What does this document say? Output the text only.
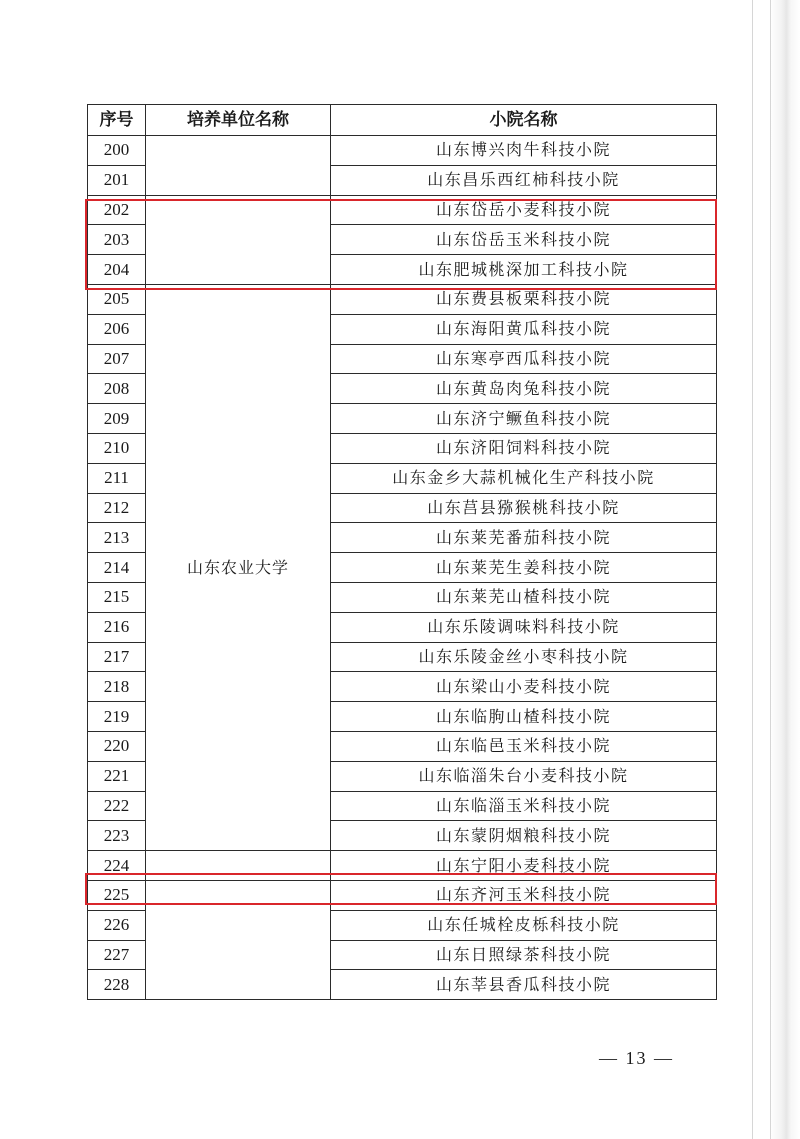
序号	培养单位名称	小院名称
200		山东博兴肉牛科技小院
201		山东昌乐西红柿科技小院
202		山东岱岳小麦科技小院
203		山东岱岳玉米科技小院
204		山东肥城桃深加工科技小院
205	山东农业大学	山东费县板栗科技小院
206		山东海阳黄瓜科技小院
207		山东寒亭西瓜科技小院
208		山东黄岛肉兔科技小院
209		山东济宁鳜鱼科技小院
210		山东济阳饲料科技小院
211		山东金乡大蒜机械化生产科技小院
212		山东莒县猕猴桃科技小院
213		山东莱芜番茄科技小院
214		山东莱芜生姜科技小院
215		山东莱芜山楂科技小院
216		山东乐陵调味料科技小院
217		山东乐陵金丝小枣科技小院
218		山东梁山小麦科技小院
219		山东临朐山楂科技小院
220		山东临邑玉米科技小院
221		山东临淄朱台小麦科技小院
222		山东临淄玉米科技小院
223		山东蒙阴烟粮科技小院
224		山东宁阳小麦科技小院
225		山东齐河玉米科技小院
226		山东任城栓皮栎科技小院
227		山东日照绿茶科技小院
228		山东莘县香瓜科技小院
— 13 —
